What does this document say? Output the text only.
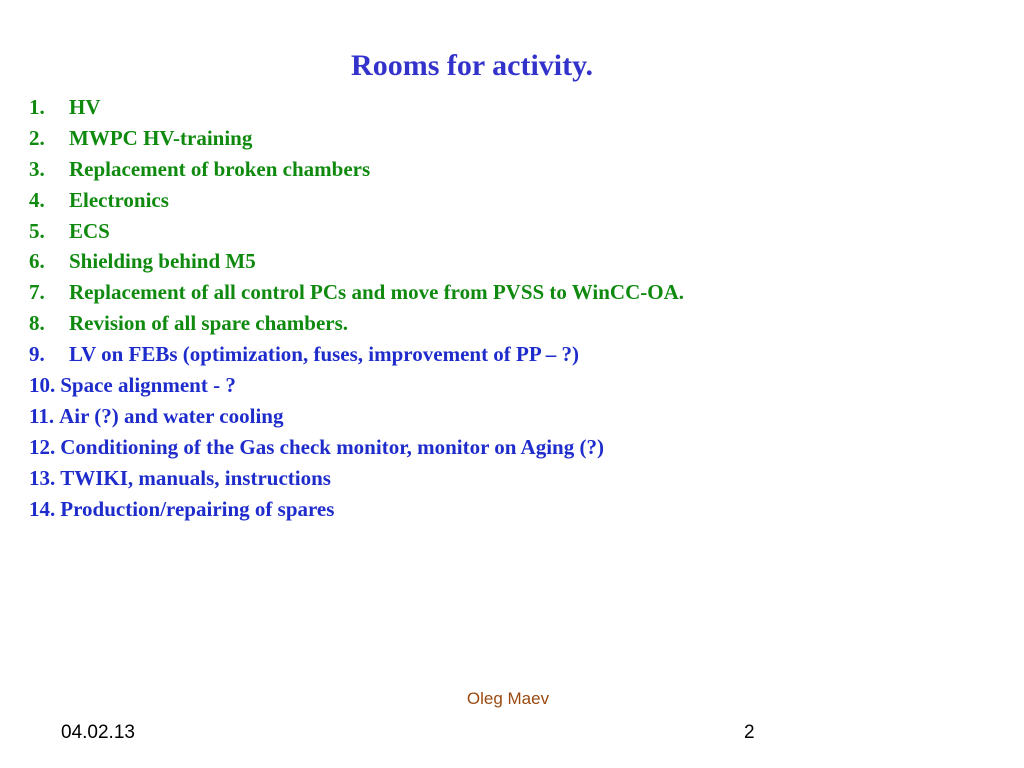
Rooms for activity.
1. HV
2. MWPC HV-training
3. Replacement of broken chambers
4. Electronics
5. ECS
6. Shielding behind M5
7. Replacement of all control PCs and move from PVSS to WinCC-OA.
8. Revision of all spare chambers.
9. LV on FEBs (optimization, fuses, improvement of PP – ?)
10. Space alignment - ?
11. Air (?) and water cooling
12. Conditioning of the Gas check monitor, monitor on Aging (?)
13. TWIKI, manuals, instructions
14. Production/repairing of spares
Oleg Maev
04.02.13	2
